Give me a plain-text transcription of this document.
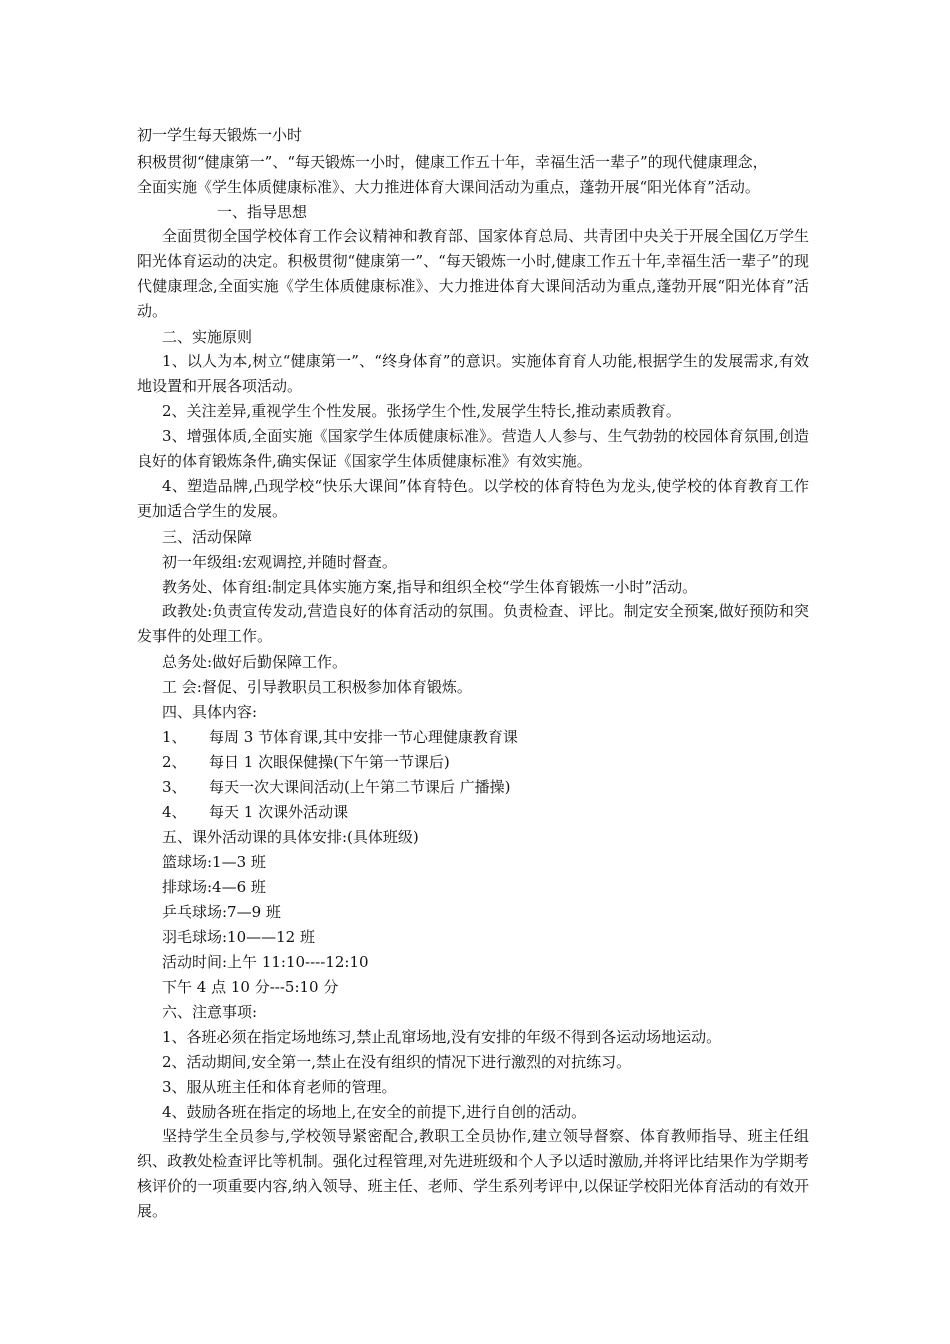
初一学生每天锻炼一小时
积极贯彻“健康第一”、“每天锻炼一小时，健康工作五十年，幸福生活一辈子”的现代健康理念，
全面实施《学生体质健康标准》、大力推进体育大课间活动为重点，蓬勃开展“阳光体育”活动。
一、指导思想
全面贯彻全国学校体育工作会议精神和教育部、国家体育总局、共青团中央关于开展全国亿万学生阳光体育运动的决定。积极贯彻“健康第一”、“每天锻炼一小时,健康工作五十年,幸福生活一辈子”的现代健康理念,全面实施《学生体质健康标准》、大力推进体育大课间活动为重点,蓬勃开展“阳光体育”活动。
二、实施原则
1、以人为本,树立“健康第一”、“终身体育”的意识。实施体育育人功能,根据学生的发展需求,有效地设置和开展各项活动。
2、关注差异,重视学生个性发展。张扬学生个性,发展学生特长,推动素质教育。
3、增强体质,全面实施《国家学生体质健康标准》。营造人人参与、生气勃勃的校园体育氛围,创造良好的体育锻炼条件,确实保证《国家学生体质健康标准》有效实施。
4、塑造品牌,凸现学校“快乐大课间”体育特色。以学校的体育特色为龙头,使学校的体育教育工作更加适合学生的发展。
三、活动保障
初一年级组:宏观调控,并随时督查。
教务处、体育组:制定具体实施方案,指导和组织全校“学生体育锻炼一小时”活动。
政教处:负责宣传发动,营造良好的体育活动的氛围。负责检查、评比。制定安全预案,做好预防和突发事件的处理工作。
总务处:做好后勤保障工作。
工 会:督促、引导教职员工积极参加体育锻炼。
四、具体内容:
1、 每周 3 节体育课,其中安排一节心理健康教育课
2、 每日 1 次眼保健操(下午第一节课后)
3、 每天一次大课间活动(上午第二节课后 广播操)
4、 每天 1 次课外活动课
五、课外活动课的具体安排:(具体班级)
篮球场:1—3 班
排球场:4—6 班
乒乓球场:7—9 班
羽毛球场:10——12 班
活动时间:上午 11:10----12:10
下午 4 点 10 分---5:10 分
六、注意事项:
1、各班必须在指定场地练习,禁止乱窜场地,没有安排的年级不得到各运动场地运动。
2、活动期间,安全第一,禁止在没有组织的情况下进行激烈的对抗练习。
3、服从班主任和体育老师的管理。
4、鼓励各班在指定的场地上,在安全的前提下,进行自创的活动。
坚持学生全员参与,学校领导紧密配合,教职工全员协作,建立领导督察、体育教师指导、班主任组织、政教处检查评比等机制。强化过程管理,对先进班级和个人予以适时激励,并将评比结果作为学期考核评价的一项重要内容,纳入领导、班主任、老师、学生系列考评中,以保证学校阳光体育活动的有效开展。
